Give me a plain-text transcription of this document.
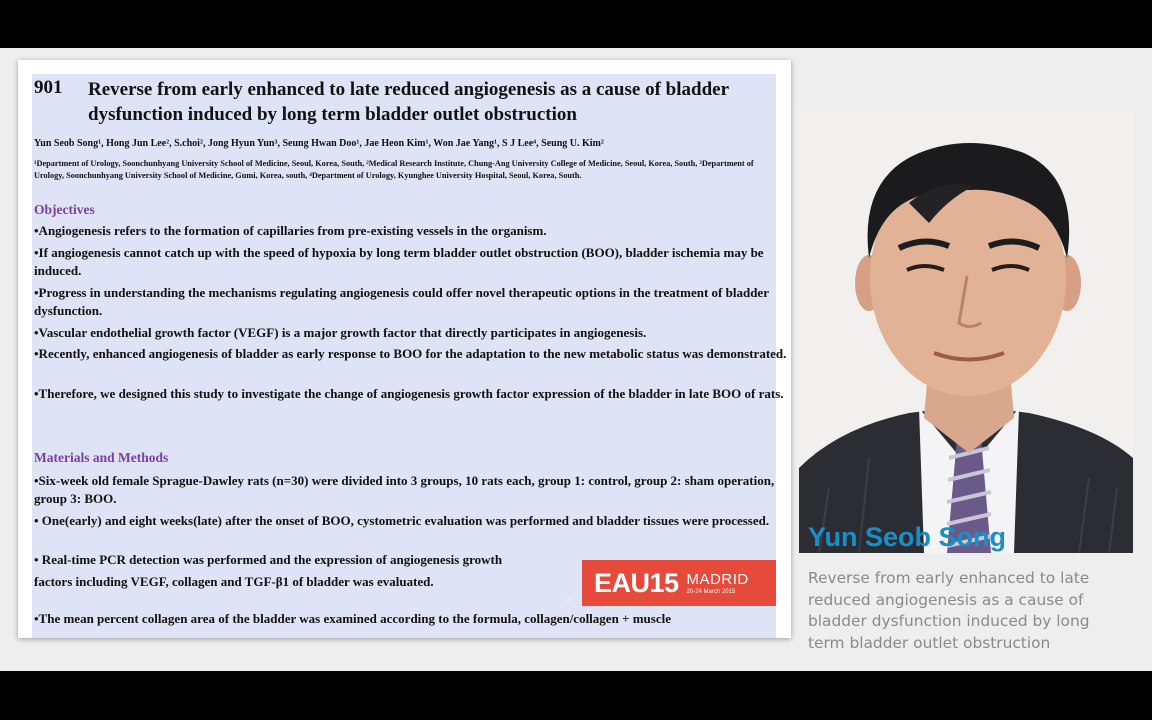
901 Reverse from early enhanced to late reduced angiogenesis as a cause of bladder dysfunction induced by long term bladder outlet obstruction
Yun Seob Song¹, Hong Jun Lee², S.choi², Jong Hyun Yun³, Seung Hwan Doo¹, Jae Heon Kim¹, Won Jae Yang¹, S J Lee⁴, Seung U. Kim²
¹Department of Urology, Soonchunhyang University School of Medicine, Seoul, Korea, South, ²Medical Research Institute, Chung-Ang University College of Medicine, Seoul, Korea, South, ³Department of Urology, Soonchunhyang University School of Medicine, Gumi, Korea, south, ⁴Department of Urology, Kyunghee University Hospital, Seoul, Korea, South.
Objectives
•Angiogenesis refers to the formation of capillaries from pre-existing vessels in the organism.
•If angiogenesis cannot catch up with the speed of hypoxia by long term bladder outlet obstruction (BOO), bladder ischemia may be induced.
•Progress in understanding the mechanisms regulating angiogenesis could offer novel therapeutic options in the treatment of bladder dysfunction.
•Vascular endothelial growth factor (VEGF) is a major growth factor that directly participates in angiogenesis.
•Recently, enhanced angiogenesis of bladder as early response to BOO for the adaptation to the new metabolic status was demonstrated.
•Therefore, we designed this study to investigate the change of angiogenesis growth factor expression of the bladder in late BOO of rats.
Materials and Methods
•Six-week old female Sprague-Dawley rats (n=30) were divided into 3 groups, 10 rats each, group 1: control, group 2: sham operation, group 3: BOO.
• One(early) and eight weeks(late) after the onset of BOO, cystometric evaluation was performed and bladder tissues were processed.
• Real-time PCR detection was performed and the expression of angiogenesis growth
factors including VEGF, collagen and TGF-β1 of bladder was evaluated.
•The mean percent collagen area of the bladder was examined according to the formula, collagen/collagen + muscle
EAU15 MADRID
20-24 March 2015
©
Yun Seob Song
Reverse from early enhanced to late reduced angiogenesis as a cause of bladder dysfunction induced by long term bladder outlet obstruction
